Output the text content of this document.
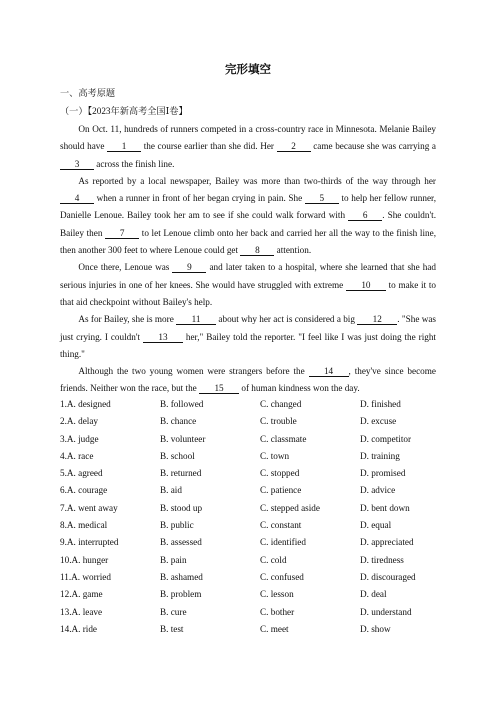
完形填空
一、高考原题
（一）【2023年新高考全国Ⅰ卷】

On Oct. 11, hundreds of runners competed in a cross-country race in Minnesota. Melanie Bailey should have 1 the course earlier than she did. Her 2 came because she was carrying a 3 across the finish line.

As reported by a local newspaper, Bailey was more than two-thirds of the way through her 4 when a runner in front of her began crying in pain. She 5 to help her fellow runner, Danielle Lenoue. Bailey took her am to see if she could walk forward with 6 . She couldn't. Bailey then 7 to let Lenoue climb onto her back and carried her all the way to the finish line, then another 300 feet to where Lenoue could get 8 attention.

Once there, Lenoue was 9 and later taken to a hospital, where she learned that she had serious injuries in one of her knees. She would have struggled with extreme 10 to make it to that aid checkpoint without Bailey's help.

As for Bailey, she is more 11 about why her act is considered a big 12 . "She was just crying. I couldn't 13 her," Bailey told the reporter. "I feel like I was just doing the right thing."

Although the two young women were strangers before the 14 , they've since become friends. Neither won the race, but the 15 of human kindness won the day.

1.A. designed	B. followed	C. changed	D. finished
2.A. delay	B. chance	C. trouble	D. excuse
3.A. judge	B. volunteer	C. classmate	D. competitor
4.A. race	B. school	C. town	D. training
5.A. agreed	B. returned	C. stopped	D. promised
6.A. courage	B. aid	C. patience	D. advice
7.A. went away	B. stood up	C. stepped aside	D. bent down
8.A. medical	B. public	C. constant	D. equal
9.A. interrupted	B. assessed	C. identified	D. appreciated
10.A. hunger	B. pain	C. cold	D. tiredness
11.A. worried	B. ashamed	C. confused	D. discouraged
12.A. game	B. problem	C. lesson	D. deal
13.A. leave	B. cure	C. bother	D. understand
14.A. ride	B. test	C. meet	D. show
